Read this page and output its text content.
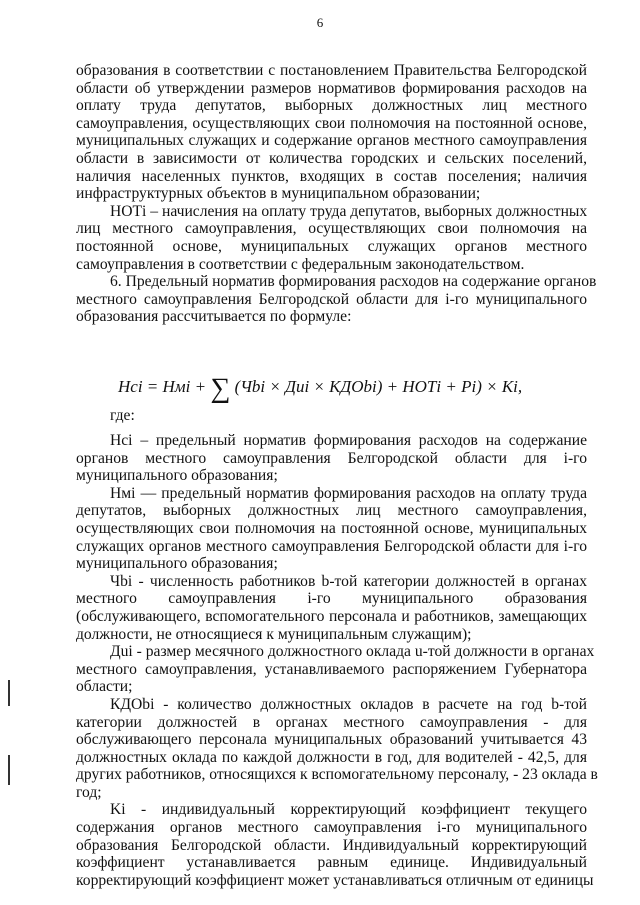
6
образования в соответствии с постановлением Правительства Белгородской
области об утверждении размеров нормативов формирования расходов на
оплату труда депутатов, выборных должностных лиц местного
самоуправления, осуществляющих свои полномочия на постоянной основе,
муниципальных служащих и содержание органов местного самоуправления
области в зависимости от количества городских и сельских поселений,
наличия населенных пунктов, входящих в состав поселения; наличия
инфраструктурных объектов в муниципальном образовании;
НОТi – начисления на оплату труда депутатов, выборных должностных
лиц местного самоуправления, осуществляющих свои полномочия на
постоянной основе, муниципальных служащих органов местного
самоуправления в соответствии с федеральным законодательством.
6. Предельный норматив формирования расходов на содержание органов
местного самоуправления Белгородской области для i-го муниципального
образования рассчитывается по формуле:
Нсi = Нмi + ∑ (Чbi × Дui × КДОbi) + НОТi + Pi) × Ki,
где:
Нсi – предельный норматив формирования расходов на содержание
органов местного самоуправления Белгородской области для i-го
муниципального образования;
Нмi — предельный норматив формирования расходов на оплату труда
депутатов, выборных должностных лиц местного самоуправления,
осуществляющих свои полномочия на постоянной основе, муниципальных
служащих органов местного самоуправления Белгородской области для i-го
муниципального образования;
Чbi - численность работников b-той категории должностей в органах
местного самоуправления i-го муниципального образования
(обслуживающего, вспомогательного персонала и работников, замещающих
должности, не относящиеся к муниципальным служащим);
Дui - размер месячного должностного оклада u-той должности в органах
местного самоуправления, устанавливаемого распоряжением Губернатора
области;
КДОbi - количество должностных окладов в расчете на год b-той
категории должностей в органах местного самоуправления - для
обслуживающего персонала муниципальных образований учитывается 43
должностных оклада по каждой должности в год, для водителей - 42,5, для
других работников, относящихся к вспомогательному персоналу, - 23 оклада в
год;
Ki - индивидуальный корректирующий коэффициент текущего
содержания органов местного самоуправления i-го муниципального
образования Белгородской области. Индивидуальный корректирующий
коэффициент устанавливается равным единице. Индивидуальный
корректирующий коэффициент может устанавливаться отличным от единицы
